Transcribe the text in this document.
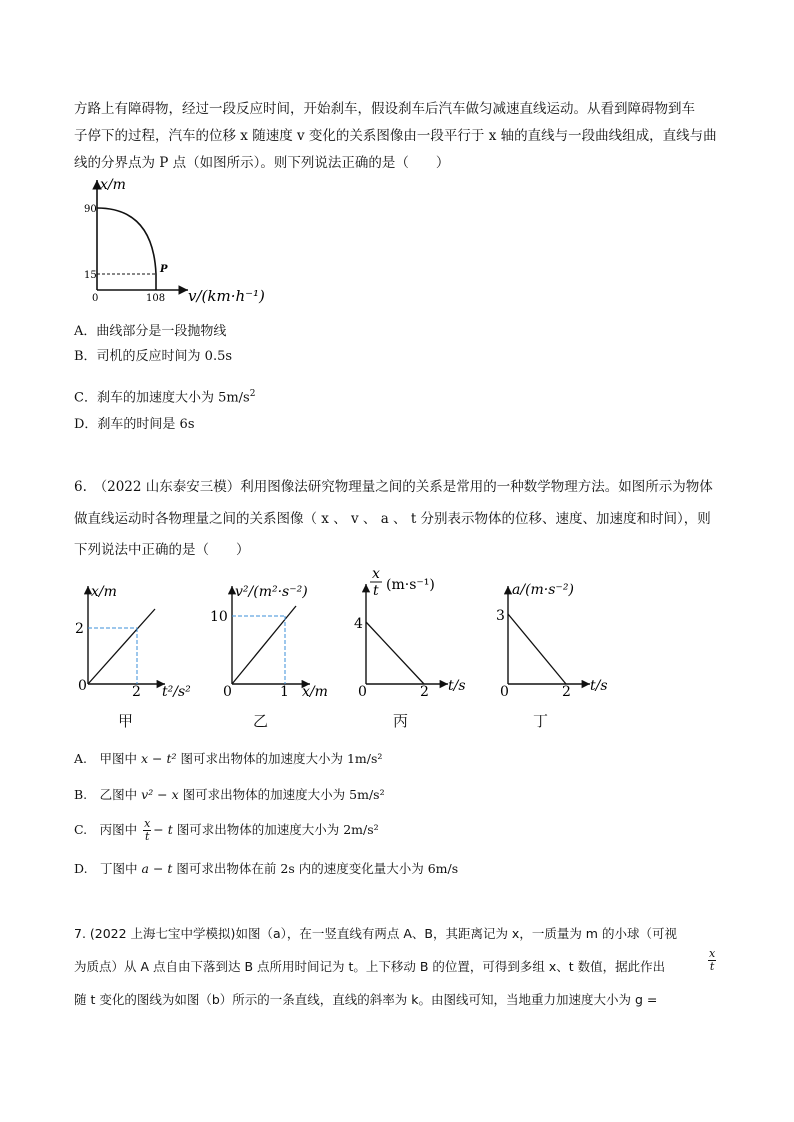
方路上有障碍物，经过一段反应时间，开始刹车，假设刹车后汽车做匀减速直线运动。从看到障碍物到车
子停下的过程，汽车的位移 x 随速度 v 变化的关系图像由一段平行于 x 轴的直线与一段曲线组成，直线与曲
线的分界点为 P 点（如图所示）。则下列说法正确的是（　　）
x/m
90
15
0	108
P
v/(km·h⁻¹)
A．曲线部分是一段抛物线
B．司机的反应时间为 0.5s
C．刹车的加速度大小为 $5m/s^2$
D．刹车的时间是 6s
6.　（2022 山东泰安三模）利用图像法研究物理量之间的关系是常用的一种数学物理方法。如图所示为物体
做直线运动时各物理量之间的关系图像（ x 、 v 、 a 、 t 分别表示物体的位移、速度、加速度和时间），则
下列说法中正确的是（　　）
x/m
2
0	2 t²/s²
v²/(m²·s⁻²)
10
0	1 x/m
x
t (m·s⁻¹)
4
0	2 t/s
a/(m·s⁻²)
3
0	2 t/s
甲	乙	丙	丁
A.　甲图中 x − t² 图可求出物体的加速度大小为 1m/s²
B.　乙图中 v² − x 图可求出物体的加速度大小为 5m/s²
C.　丙图中 $\frac{x}{t} - t$ 图可求出物体的加速度大小为 2m/s²
D.　丁图中 a − t 图可求出物体在前 2s 内的速度变化量大小为 6m/s
7. (2022 上海七宝中学模拟)如图（a），在一竖直线有两点 A、B，其距离记为 x，一质量为 m 的小球（可视
为质点）从 A 点自由下落到达 B 点所用时间记为 t。上下移动 B 的位置，可得到多组 x、t 数值，据此作出	$\frac{x}{t}$
随 t 变化的图线为如图（b）所示的一条直线，直线的斜率为 k。由图线可知，当地重力加速度大小为 g =
